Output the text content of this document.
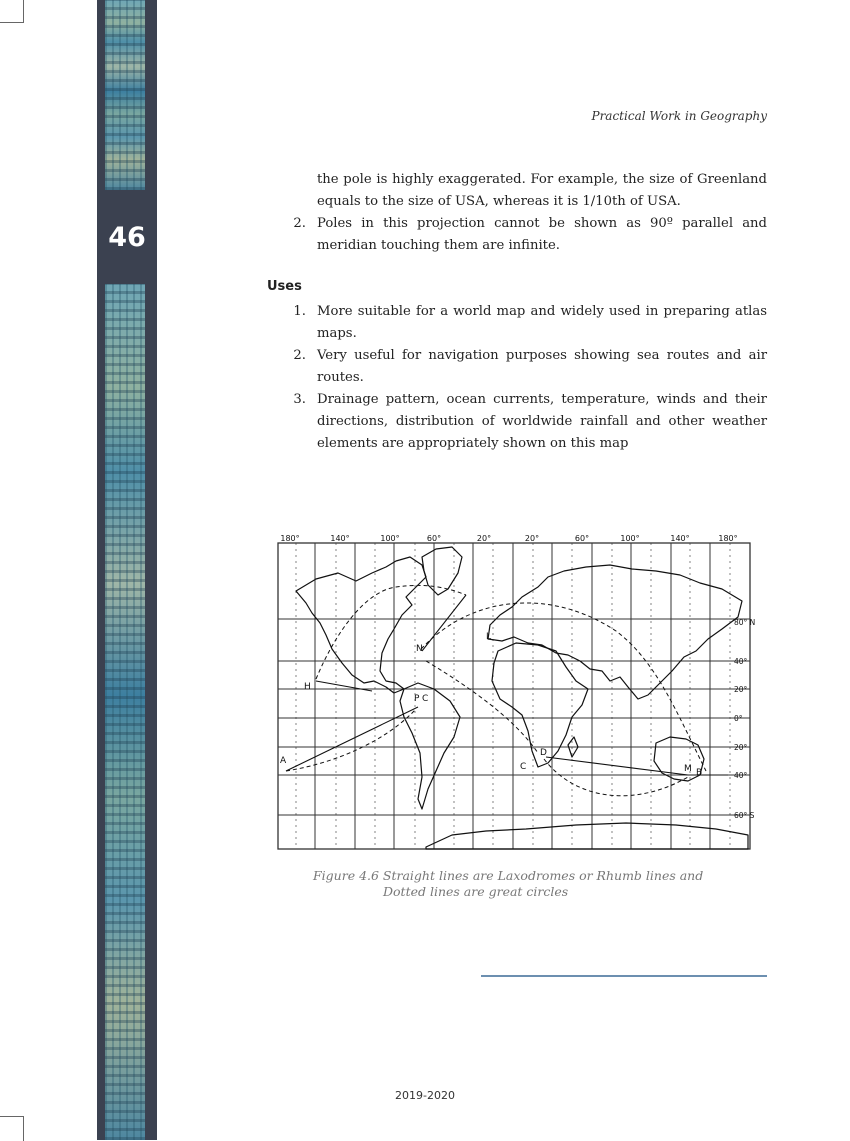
46
Practical Work in Geography
the pole is highly exaggerated. For example, the size of Greenland equals to the size of USA, whereas it is 1/10th of USA.
2. Poles in this projection cannot be shown as 90º parallel and meridian touching them are infinite.
Uses
1. More suitable for a world map and widely used in preparing atlas maps.
2. Very useful for navigation purposes showing sea routes and air routes.
3. Drainage pattern, ocean currents, temperature, winds and their directions, distribution of worldwide rainfall and other weather elements are appropriately shown on this map
H
P C
A
L
N
D
C	M B
180°	140°	100°	60°	20°	20°	60°	100°	140°	180°
80° N
40°
20°
0°
20°
40°
60° S
Figure 4.6 Straight lines are Laxodromes or Rhumb lines and
Dotted lines are great circles
2019-2020
